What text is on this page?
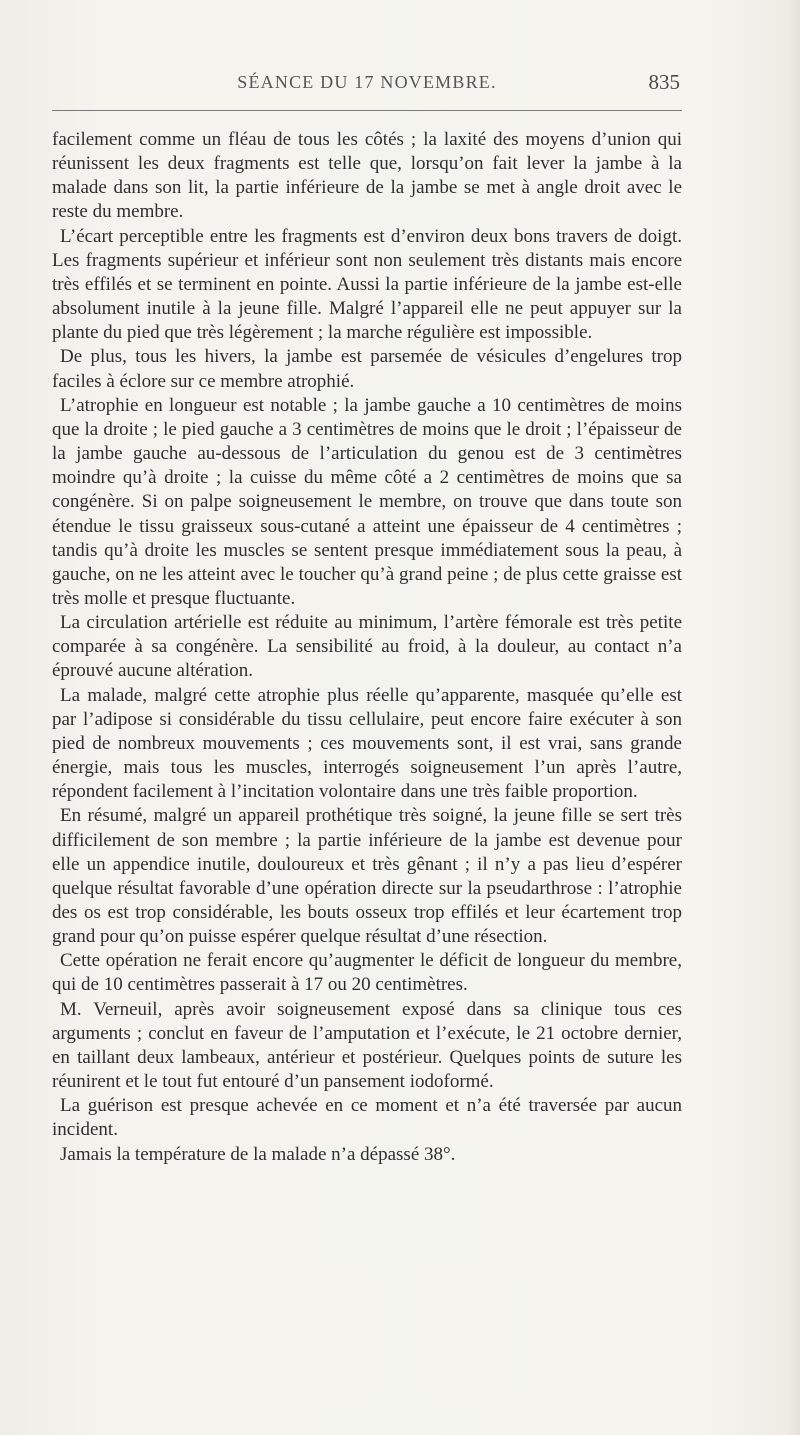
SÉANCE DU 17 NOVEMBRE.	835

facilement comme un fléau de tous les côtés ; la laxité des moyens d’union qui réunissent les deux fragments est telle que, lorsqu’on fait lever la jambe à la malade dans son lit, la partie inférieure de la jambe se met à angle droit avec le reste du membre.

L’écart perceptible entre les fragments est d’environ deux bons travers de doigt. Les fragments supérieur et inférieur sont non seulement très distants mais encore très effilés et se terminent en pointe. Aussi la partie inférieure de la jambe est-elle absolument inutile à la jeune fille. Malgré l’appareil elle ne peut appuyer sur la plante du pied que très légèrement ; la marche régulière est impossible.

De plus, tous les hivers, la jambe est parsemée de vésicules d’engelures trop faciles à éclore sur ce membre atrophié.

L’atrophie en longueur est notable ; la jambe gauche a 10 centimètres de moins que la droite ; le pied gauche a 3 centimètres de moins que le droit ; l’épaisseur de la jambe gauche au-dessous de l’articulation du genou est de 3 centimètres moindre qu’à droite ; la cuisse du même côté a 2 centimètres de moins que sa congénère. Si on palpe soigneusement le membre, on trouve que dans toute son étendue le tissu graisseux sous-cutané a atteint une épaisseur de 4 centimètres ; tandis qu’à droite les muscles se sentent presque immédiatement sous la peau, à gauche, on ne les atteint avec le toucher qu’à grand peine ; de plus cette graisse est très molle et presque fluctuante.

La circulation artérielle est réduite au minimum, l’artère fémorale est très petite comparée à sa congénère. La sensibilité au froid, à la douleur, au contact n’a éprouvé aucune altération.

La malade, malgré cette atrophie plus réelle qu’apparente, masquée qu’elle est par l’adipose si considérable du tissu cellulaire, peut encore faire exécuter à son pied de nombreux mouvements ; ces mouvements sont, il est vrai, sans grande énergie, mais tous les muscles, interrogés soigneusement l’un après l’autre, répondent facilement à l’incitation volontaire dans une très faible proportion.

En résumé, malgré un appareil prothétique très soigné, la jeune fille se sert très difficilement de son membre ; la partie inférieure de la jambe est devenue pour elle un appendice inutile, douloureux et très gênant ; il n’y a pas lieu d’espérer quelque résultat favorable d’une opération directe sur la pseudarthrose : l’atrophie des os est trop considérable, les bouts osseux trop effilés et leur écartement trop grand pour qu’on puisse espérer quelque résultat d’une résection.

Cette opération ne ferait encore qu’augmenter le déficit de longueur du membre, qui de 10 centimètres passerait à 17 ou 20 centimètres.

M. Verneuil, après avoir soigneusement exposé dans sa clinique tous ces arguments ; conclut en faveur de l’amputation et l’exécute, le 21 octobre dernier, en taillant deux lambeaux, antérieur et postérieur. Quelques points de suture les réunirent et le tout fut entouré d’un pansement iodoformé.

La guérison est presque achevée en ce moment et n’a été traversée par aucun incident.

Jamais la température de la malade n’a dépassé 38°.
